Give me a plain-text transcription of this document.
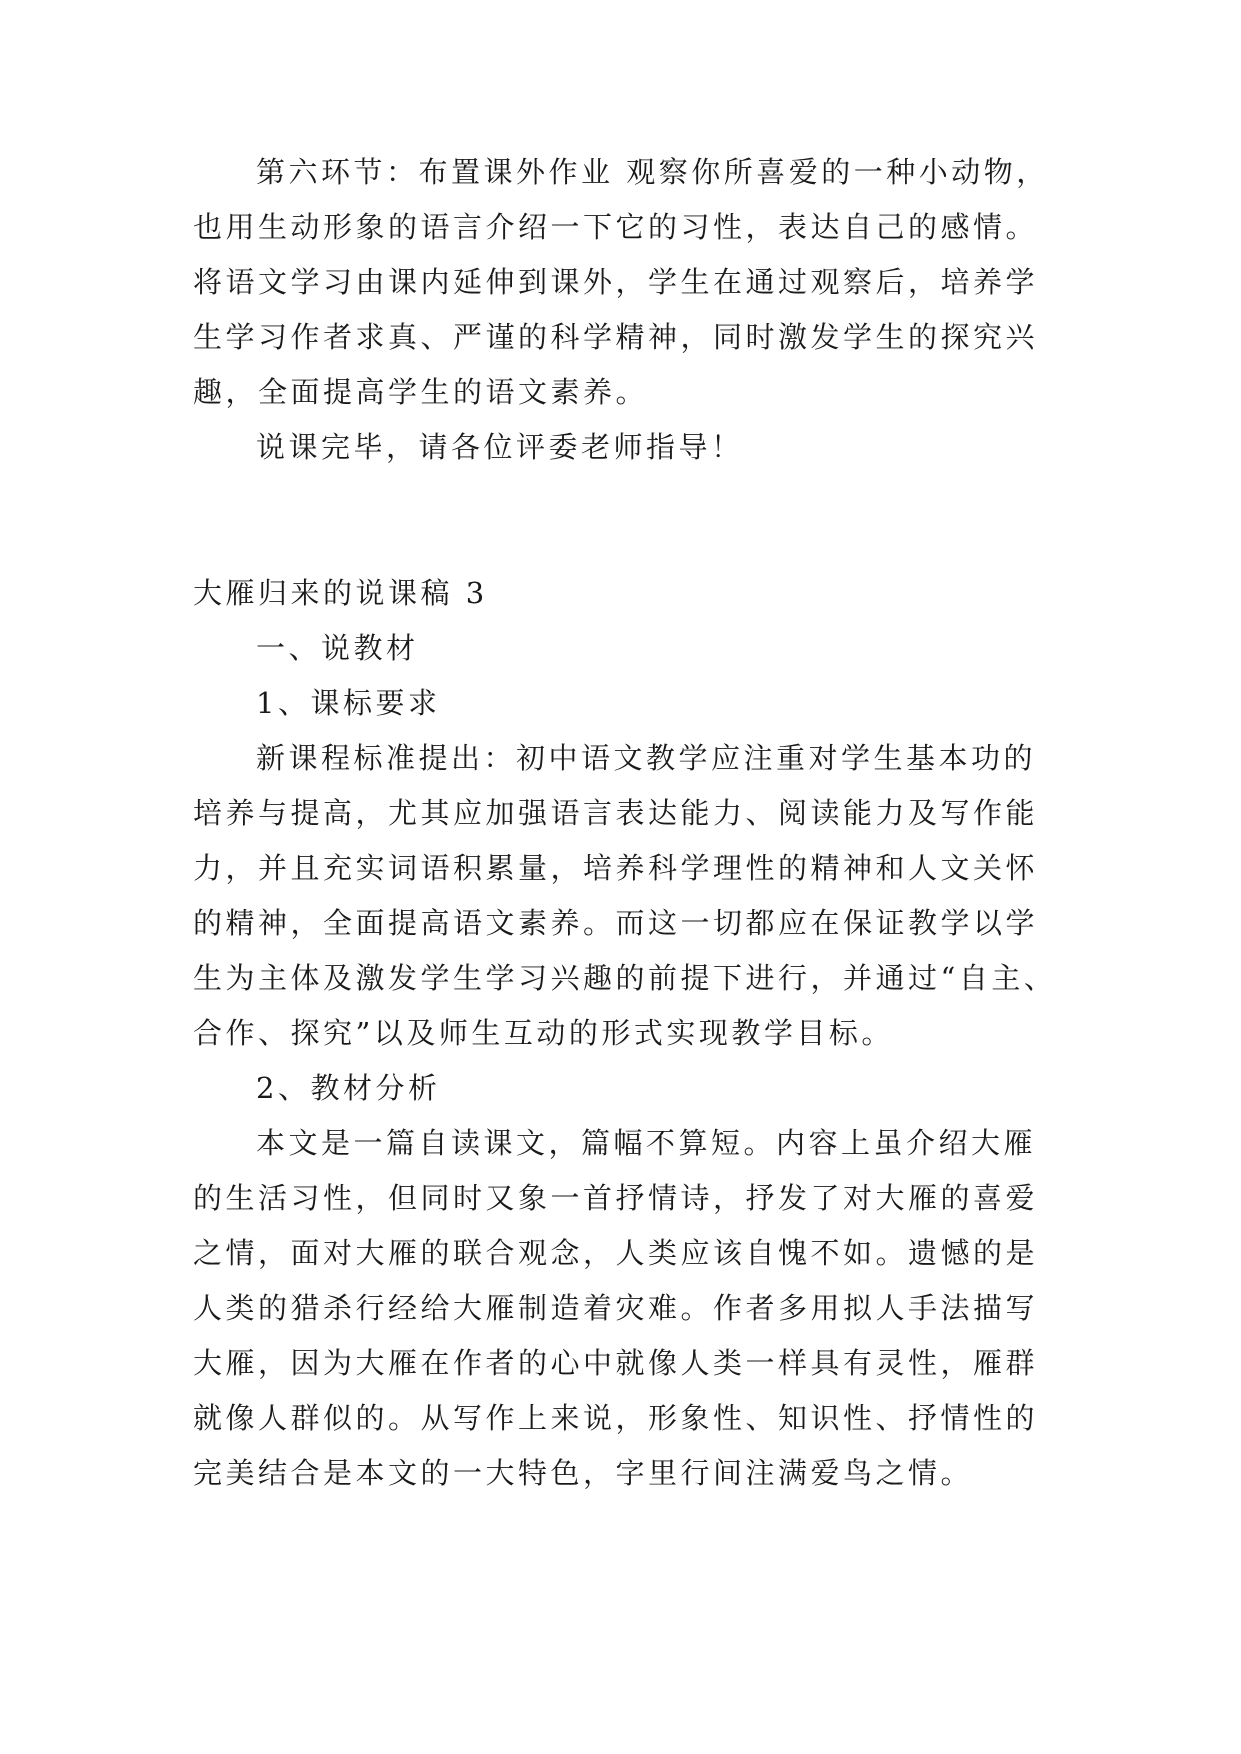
第六环节：布置课外作业 观察你所喜爱的一种小动物，
也用生动形象的语言介绍一下它的习性，表达自己的感情。
将语文学习由课内延伸到课外，学生在通过观察后，培养学
生学习作者求真、严谨的科学精神，同时激发学生的探究兴
趣，全面提高学生的语文素养。
说课完毕，请各位评委老师指导！
大雁归来的说课稿 3
一、说教材
1、课标要求
新课程标准提出：初中语文教学应注重对学生基本功的
培养与提高，尤其应加强语言表达能力、阅读能力及写作能
力，并且充实词语积累量，培养科学理性的精神和人文关怀
的精神，全面提高语文素养。而这一切都应在保证教学以学
生为主体及激发学生学习兴趣的前提下进行，并通过“自主、
合作、探究”以及师生互动的形式实现教学目标。
2、教材分析
本文是一篇自读课文，篇幅不算短。内容上虽介绍大雁
的生活习性，但同时又象一首抒情诗，抒发了对大雁的喜爱
之情，面对大雁的联合观念，人类应该自愧不如。遗憾的是
人类的猎杀行经给大雁制造着灾难。作者多用拟人手法描写
大雁，因为大雁在作者的心中就像人类一样具有灵性，雁群
就像人群似的。从写作上来说，形象性、知识性、抒情性的
完美结合是本文的一大特色，字里行间注满爱鸟之情。
